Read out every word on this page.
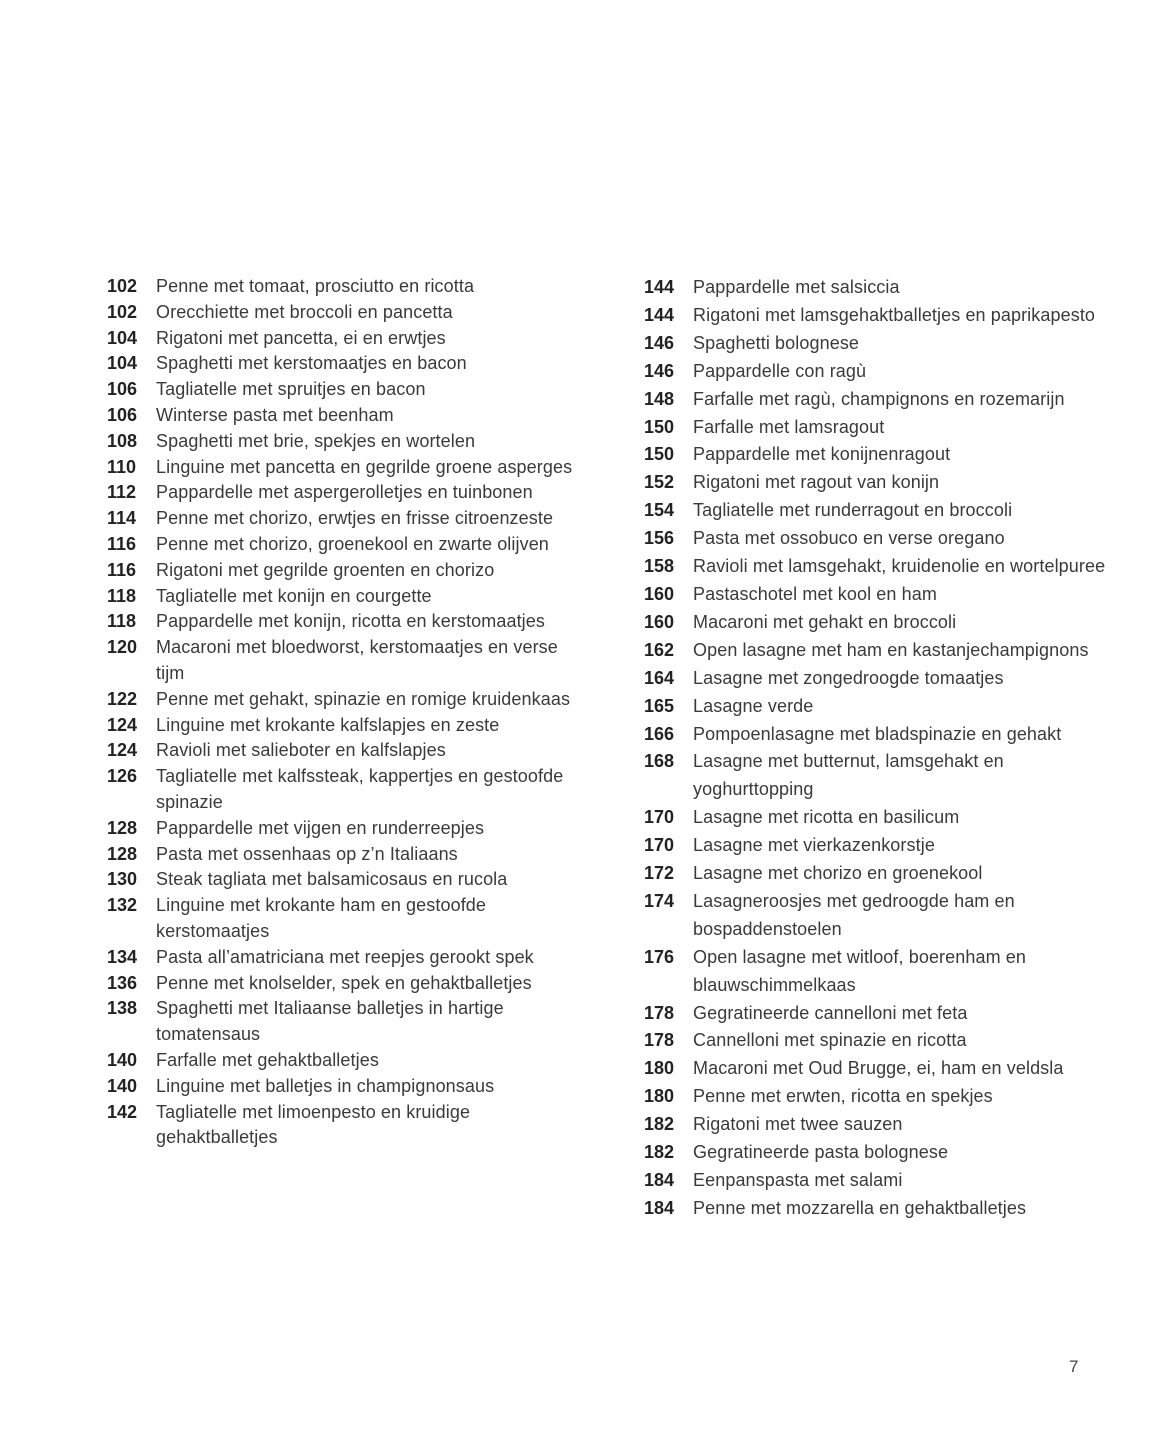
102	Penne met tomaat, prosciutto en ricotta
102	Orecchiette met broccoli en pancetta
104	Rigatoni met pancetta, ei en erwtjes
104	Spaghetti met kerstomaatjes en bacon
106	Tagliatelle met spruitjes en bacon
106	Winterse pasta met beenham
108	Spaghetti met brie, spekjes en wortelen
110	Linguine met pancetta en gegrilde groene asperges
112	Pappardelle met aspergerolletjes en tuinbonen
114	Penne met chorizo, erwtjes en frisse citroenzeste
116	Penne met chorizo, groenekool en zwarte olijven
116	Rigatoni met gegrilde groenten en chorizo
118	Tagliatelle met konijn en courgette
118	Pappardelle met konijn, ricotta en kerstomaatjes
120	Macaroni met bloedworst, kerstomaatjes en verse tijm
122	Penne met gehakt, spinazie en romige kruidenkaas
124	Linguine met krokante kalfslapjes en zeste
124	Ravioli met salieboter en kalfslapjes
126	Tagliatelle met kalfssteak, kappertjes en gestoofde spinazie
128	Pappardelle met vijgen en runderreepjes
128	Pasta met ossenhaas op z’n Italiaans
130	Steak tagliata met balsamicosaus en rucola
132	Linguine met krokante ham en gestoofde kerstomaatjes
134	Pasta all’amatriciana met reepjes gerookt spek
136	Penne met knolselder, spek en gehaktballetjes
138	Spaghetti met Italiaanse balletjes in hartige tomatensaus
140	Farfalle met gehaktballetjes
140	Linguine met balletjes in champignonsaus
142	Tagliatelle met limoenpesto en kruidige gehaktballetjes
144	Pappardelle met salsiccia
144	Rigatoni met lamsgehaktballetjes en paprikapesto
146	Spaghetti bolognese
146	Pappardelle con ragù
148	Farfalle met ragù, champignons en rozemarijn
150	Farfalle met lamsragout
150	Pappardelle met konijnenragout
152	Rigatoni met ragout van konijn
154	Tagliatelle met runderragout en broccoli
156	Pasta met ossobuco en verse oregano
158	Ravioli met lamsgehakt, kruidenolie en wortelpuree
160	Pastaschotel met kool en ham
160	Macaroni met gehakt en broccoli
162	Open lasagne met ham en kastanjechampignons
164	Lasagne met zongedroogde tomaatjes
165	Lasagne verde
166	Pompoenlasagne met bladspinazie en gehakt
168	Lasagne met butternut, lamsgehakt en yoghurttopping
170	Lasagne met ricotta en basilicum
170	Lasagne met vierkazenkorstje
172	Lasagne met chorizo en groenekool
174	Lasagneroosjes met gedroogde ham en bospaddenstoelen
176	Open lasagne met witloof, boerenham en blauwschimmelkaas
178	Gegratineerde cannelloni met feta
178	Cannelloni met spinazie en ricotta
180	Macaroni met Oud Brugge, ei, ham en veldsla
180	Penne met erwten, ricotta en spekjes
182	Rigatoni met twee sauzen
182	Gegratineerde pasta bolognese
184	Eenpanspasta met salami
184	Penne met mozzarella en gehaktballetjes
7
